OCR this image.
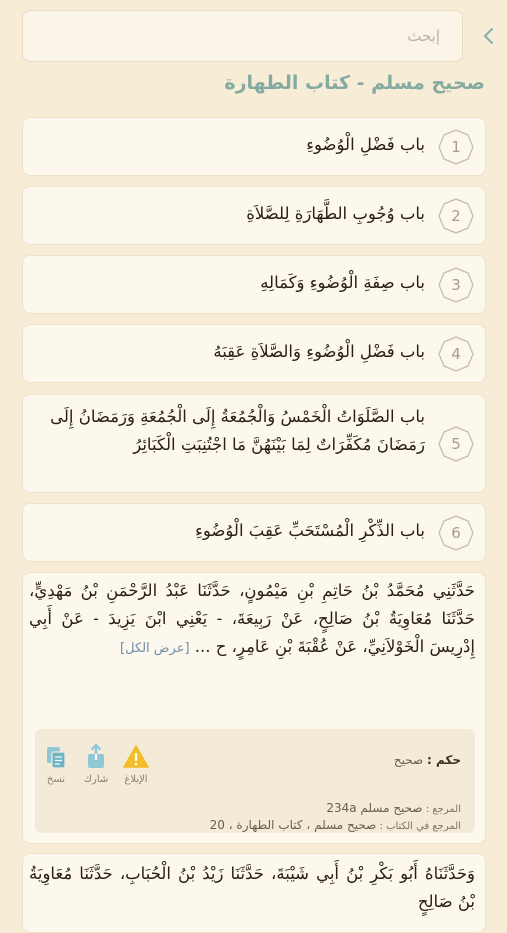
إبحث
صحيح مسلم - كتاب الطهارة
1
باب فَضْلِ الْوُضُوءِ
2
باب وُجُوبِ الطَّهَارَةِ لِلصَّلاَةِ
3
باب صِفَةِ الْوُضُوءِ وَكَمَالِهِ
4
باب فَضْلِ الْوُضُوءِ وَالصَّلاَةِ عَقِبَهُ
5
باب الصَّلَوَاتُ الْخَمْسُ وَالْجُمُعَةُ إِلَى الْجُمُعَةِ وَرَمَضَانُ إِلَى رَمَضَانَ مُكَفِّرَاتٌ لِمَا بَيْنَهُنَّ مَا اجْتُنِبَتِ الْكَبَائِرُ
6
باب الذِّكْرِ الْمُسْتَحَبِّ عَقِبَ الْوُضُوءِ
حَدَّثَنِي مُحَمَّدُ بْنُ حَاتِمِ بْنِ مَيْمُونٍ، حَدَّثَنَا عَبْدُ الرَّحْمَنِ بْنُ مَهْدِيٍّ، حَدَّثَنَا مُعَاوِيَةُ بْنُ صَالِحٍ، عَنْ رَبِيعَةَ، - يَعْنِي ابْنَ يَزِيدَ - عَنْ أَبِي إِدْرِيسَ الْخَوْلاَنِيِّ، عَنْ عُقْبَةَ بْنِ عَامِرٍ، ح ... [عرض الكل]
حكم : صحيح
الإبلاغ
شارك
نسخ
المرجع : صحيح مسلم 234a
المرجع في الكتاب : صحيح مسلم ، كتاب الطهارة ، 20
وَحَدَّثَنَاهُ أَبُو بَكْرِ بْنُ أَبِي شَيْبَةَ، حَدَّثَنَا زَيْدُ بْنُ الْحُبَابِ، حَدَّثَنَا مُعَاوِيَةُ بْنُ صَالِحٍ
